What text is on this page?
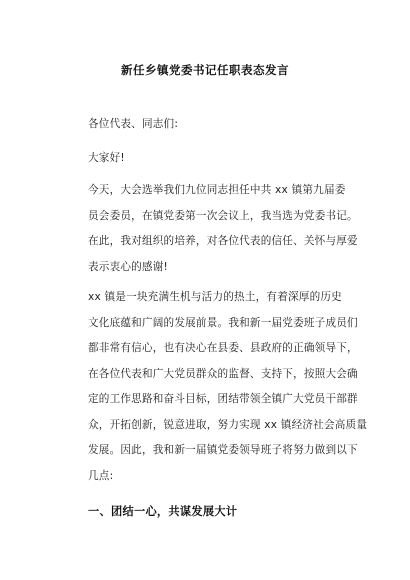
新任乡镇党委书记任职表态发言
各位代表、同志们:
大家好!
今天，大会选举我们九位同志担任中共 xx 镇第九届委
员会委员，在镇党委第一次会议上，我当选为党委书记。
在此，我对组织的培养，对各位代表的信任、关怀与厚爱
表示衷心的感谢!
xx 镇是一块充满生机与活力的热土，有着深厚的历史
文化底蕴和广阔的发展前景。我和新一届党委班子成员们
都非常有信心，也有决心在县委、县政府的正确领导下，
在各位代表和广大党员群众的监督、支持下，按照大会确
定的工作思路和奋斗目标，团结带领全镇广大党员干部群
众，开拓创新，锐意进取，努力实现 xx 镇经济社会高质量
发展。因此，我和新一届镇党委领导班子将努力做到以下
几点:
一、团结一心，共谋发展大计
